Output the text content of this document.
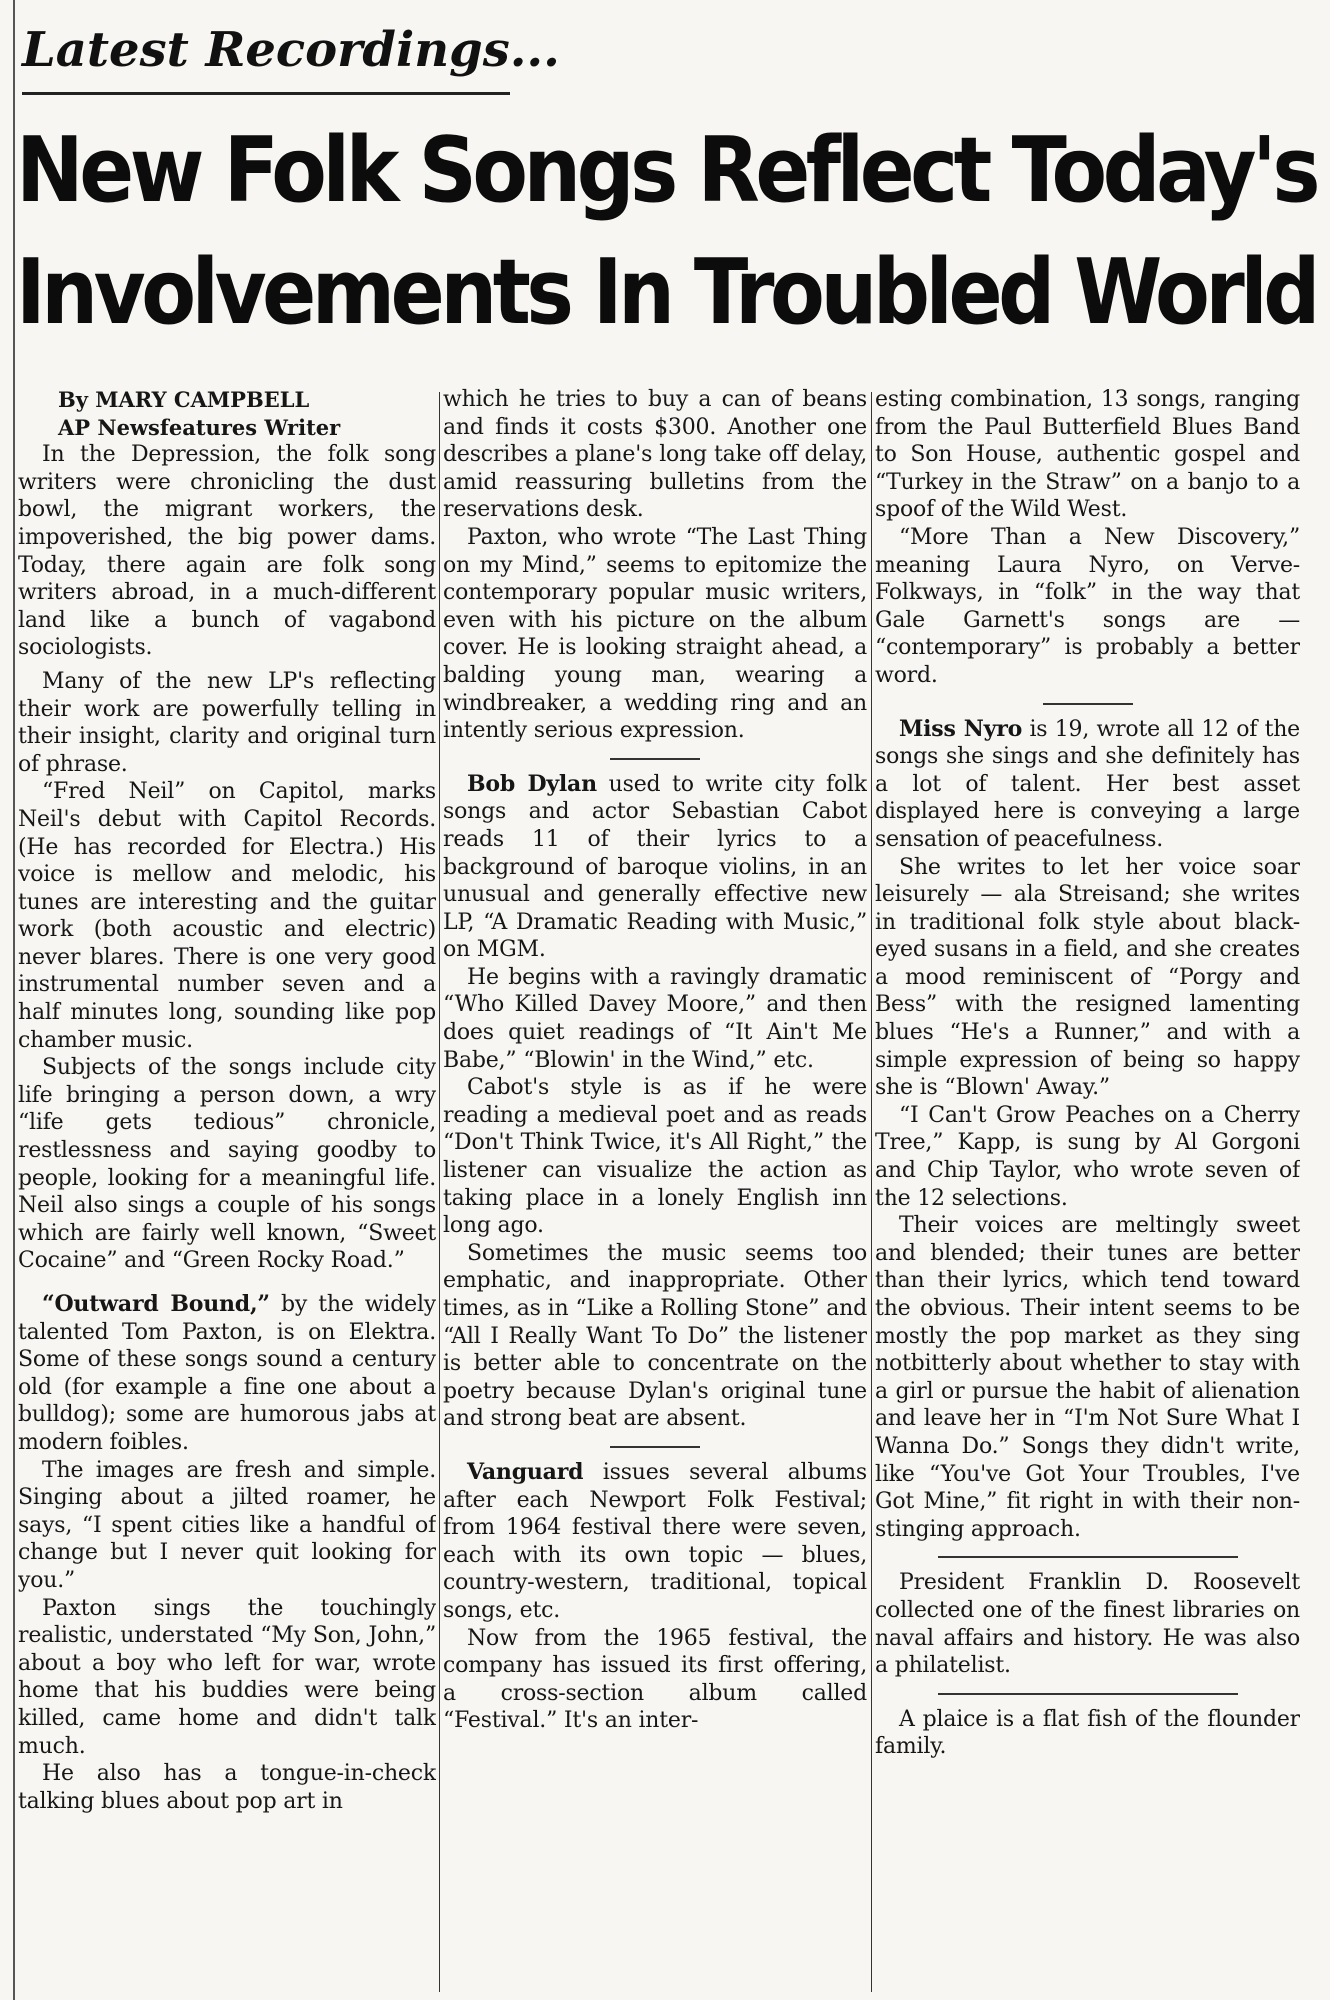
Latest Recordings...
New Folk Songs Reflect Today's
Involvements In Troubled World
By MARY CAMPBELL
AP Newsfeatures Writer

In the Depression, the folk song writers were chronicling the dust bowl, the migrant workers, the impoverished, the big power dams. Today, there again are folk song writers abroad, in a much-different land like a bunch of vagabond sociologists.

Many of the new LP's reflecting their work are powerfully telling in their insight, clarity and original turn of phrase.

“Fred Neil” on Capitol, marks Neil's debut with Capitol Records. (He has recorded for Electra.) His voice is mellow and melodic, his tunes are interesting and the guitar work (both acoustic and electric) never blares. There is one very good instrumental number seven and a half minutes long, sounding like pop chamber music.

Subjects of the songs include city life bringing a person down, a wry “life gets tedious” chronicle, restlessness and saying goodby to people, looking for a meaningful life. Neil also sings a couple of his songs which are fairly well known, “Sweet Cocaine” and “Green Rocky Road.”

“Outward Bound,” by the widely talented Tom Paxton, is on Elektra. Some of these songs sound a century old (for example a fine one about a bulldog); some are humorous jabs at modern foibles.

The images are fresh and simple. Singing about a jilted roamer, he says, “I spent cities like a handful of change but I never quit looking for you.”

Paxton sings the touchingly realistic, understated “My Son, John,” about a boy who left for war, wrote home that his buddies were being killed, came home and didn't talk much.

He also has a tongue-in-check talking blues about pop art in

which he tries to buy a can of beans and finds it costs $300. Another one describes a plane's long take off delay, amid reassuring bulletins from the reservations desk.

Paxton, who wrote “The Last Thing on my Mind,” seems to epitomize the contemporary popular music writers, even with his picture on the album cover. He is looking straight ahead, a balding young man, wearing a windbreaker, a wedding ring and an intently serious expression.

Bob Dylan used to write city folk songs and actor Sebastian Cabot reads 11 of their lyrics to a background of baroque violins, in an unusual and generally effective new LP, “A Dramatic Reading with Music,” on MGM.

He begins with a ravingly dramatic “Who Killed Davey Moore,” and then does quiet readings of “It Ain't Me Babe,” “Blowin' in the Wind,” etc.

Cabot's style is as if he were reading a medieval poet and as reads “Don't Think Twice, it's All Right,” the listener can visualize the action as taking place in a lonely English inn long ago.

Sometimes the music seems too emphatic, and inappropriate. Other times, as in “Like a Rolling Stone” and “All I Really Want To Do” the listener is better able to concentrate on the poetry because Dylan's original tune and strong beat are absent.

Vanguard issues several albums after each Newport Folk Festival; from 1964 festival there were seven, each with its own topic — blues, country-western, traditional, topical songs, etc.

Now from the 1965 festival, the company has issued its first offering, a cross-section album called “Festival.” It's an inter-

esting combination, 13 songs, ranging from the Paul Butterfield Blues Band to Son House, authentic gospel and “Turkey in the Straw” on a banjo to a spoof of the Wild West.

“More Than a New Discovery,” meaning Laura Nyro, on Verve-Folkways, in “folk” in the way that Gale Garnett's songs are — “contemporary” is probably a better word.

Miss Nyro is 19, wrote all 12 of the songs she sings and she definitely has a lot of talent. Her best asset displayed here is conveying a large sensation of peacefulness.

She writes to let her voice soar leisurely — ala Streisand; she writes in traditional folk style about black-eyed susans in a field, and she creates a mood reminiscent of “Porgy and Bess” with the resigned lamenting blues “He's a Runner,” and with a simple expression of being so happy she is “Blown' Away.”

“I Can't Grow Peaches on a Cherry Tree,” Kapp, is sung by Al Gorgoni and Chip Taylor, who wrote seven of the 12 selections.

Their voices are meltingly sweet and blended; their tunes are better than their lyrics, which tend toward the obvious. Their intent seems to be mostly the pop market as they sing notbitterly about whether to stay with a girl or pursue the habit of alienation and leave her in “I'm Not Sure What I Wanna Do.” Songs they didn't write, like “You've Got Your Troubles, I've Got Mine,” fit right in with their non-stinging approach.

President Franklin D. Roosevelt collected one of the finest libraries on naval affairs and history. He was also a philatelist.

A plaice is a flat fish of the flounder family.
